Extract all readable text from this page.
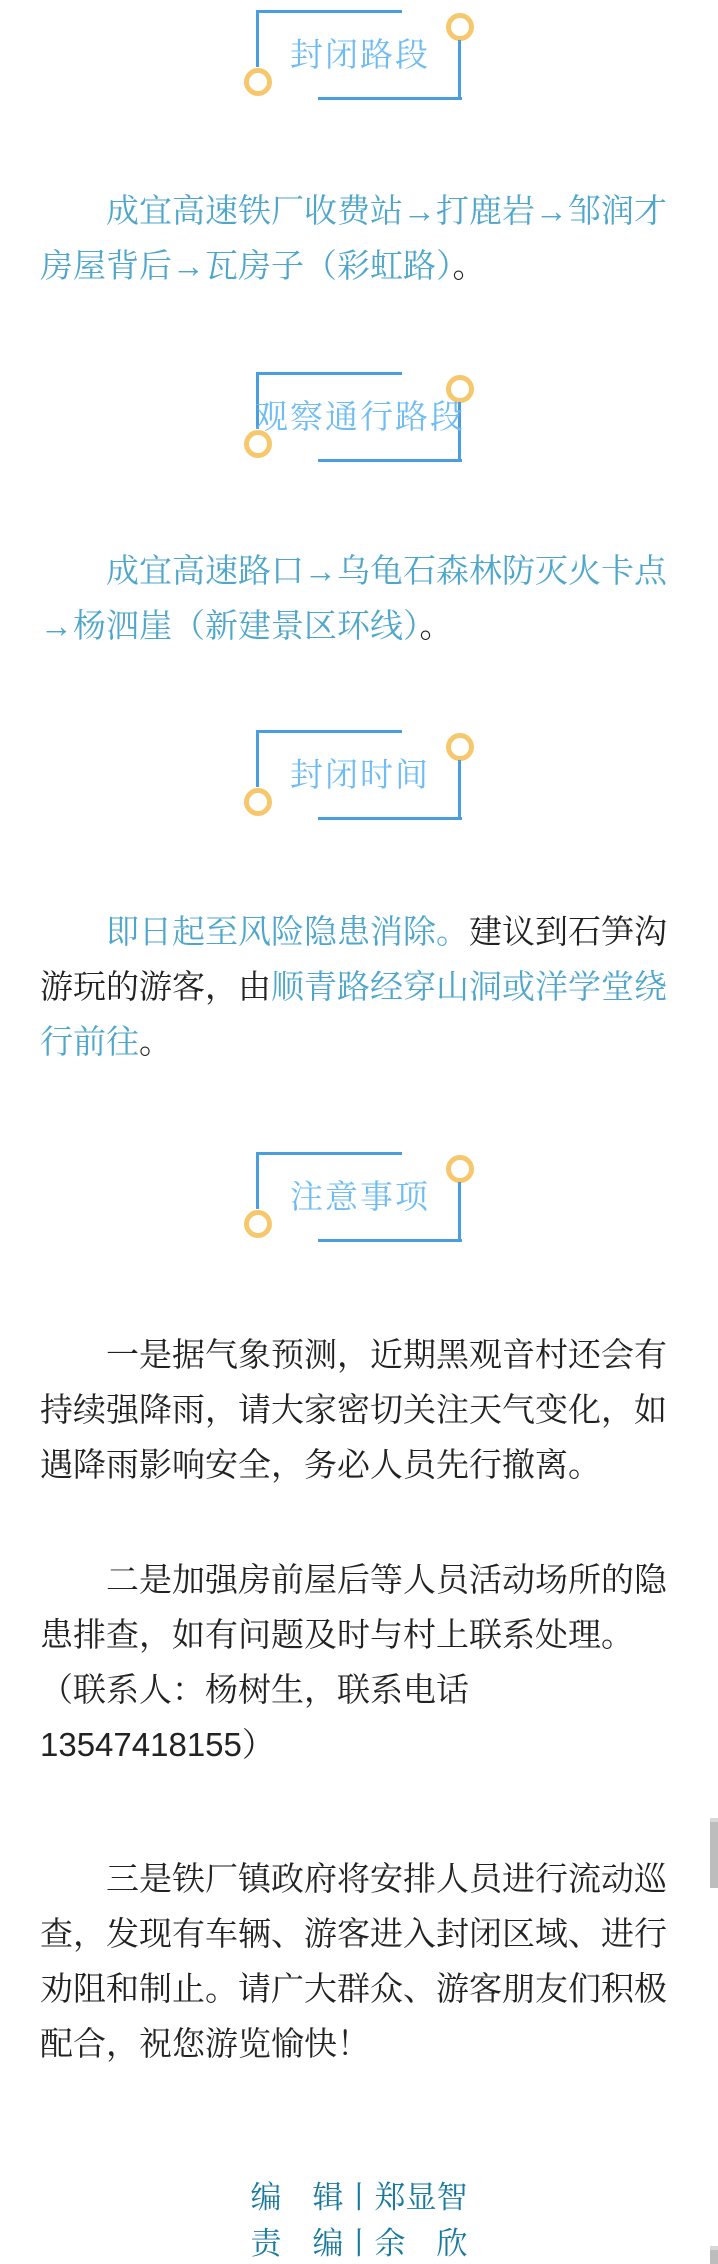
封闭路段
　　成宜高速铁厂收费站→打鹿岩→邹润才
房屋背后→瓦房子（彩虹路）。
观察通行路段
　　成宜高速路口→乌龟石森林防灭火卡点
→杨泗崖（新建景区环线）。
封闭时间
　　即日起至风险隐患消除。建议到石笋沟
游玩的游客，由顺青路经穿山洞或洋学堂绕
行前往。
注意事项
　　一是据气象预测，近期黑观音村还会有
持续强降雨，请大家密切关注天气变化，如
遇降雨影响安全，务必人员先行撤离。
　　二是加强房前屋后等人员活动场所的隐
患排查，如有问题及时与村上联系处理。
（联系人：杨树生，联系电话
13547418155）
　　三是铁厂镇政府将安排人员进行流动巡
查，发现有车辆、游客进入封闭区域、进行
劝阻和制止。请广大群众、游客朋友们积极
配合，祝您游览愉快！
编　辑丨郑显智
责　编丨余　欣
